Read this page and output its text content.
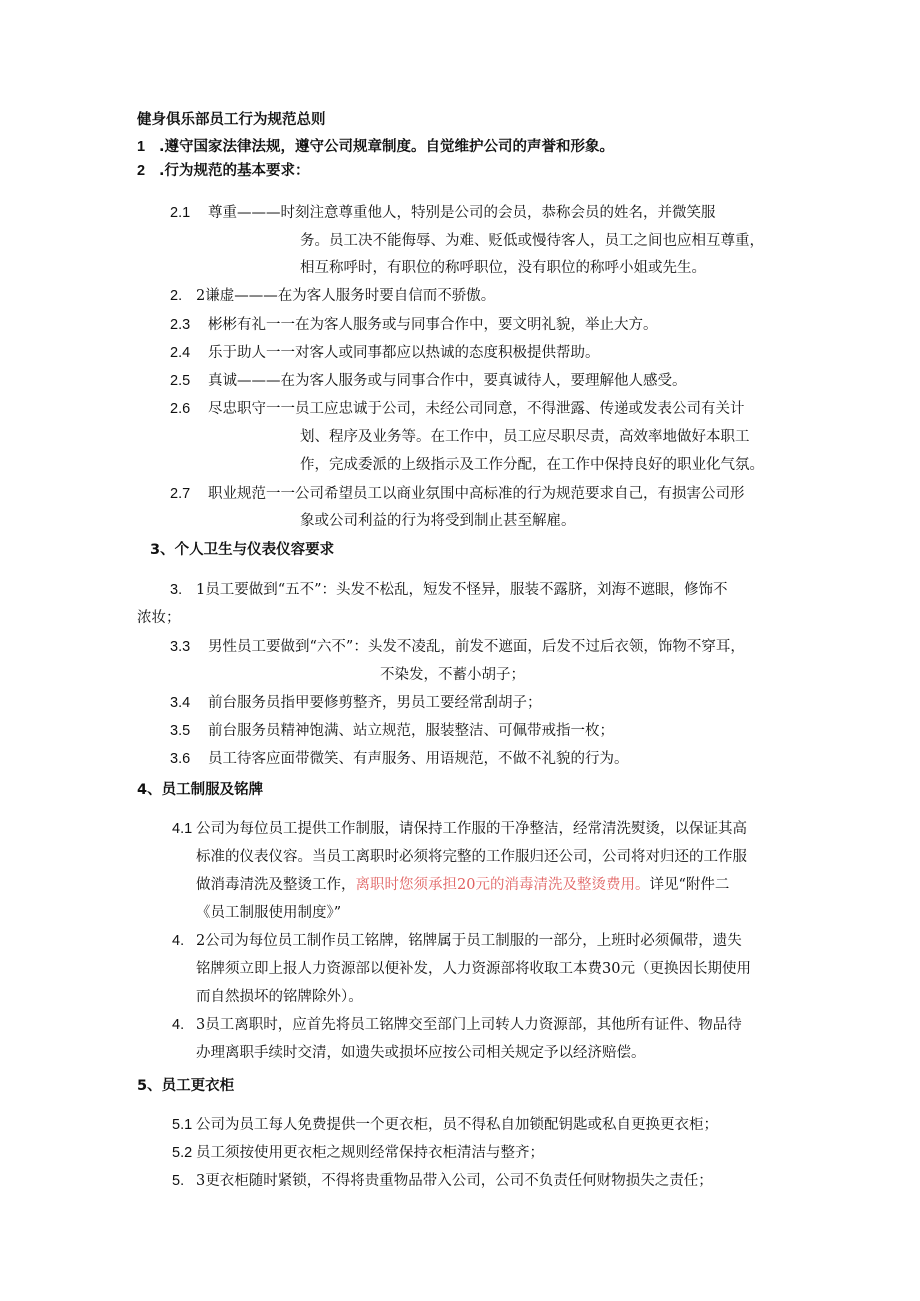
健身俱乐部员工行为规范总则
1 .遵守国家法律法规，遵守公司规章制度。自觉维护公司的声誉和形象。
2 .行为规范的基本要求：
2.1 尊重———时刻注意尊重他人，特别是公司的会员，恭称会员的姓名，并微笑服
务。员工决不能侮辱、为难、贬低或慢待客人，员工之间也应相互尊重，
相互称呼时，有职位的称呼职位，没有职位的称呼小姐或先生。
2. 2谦虚———在为客人服务时要自信而不骄傲。
2.3 彬彬有礼一一在为客人服务或与同事合作中，要文明礼貌，举止大方。
2.4 乐于助人一一对客人或同事都应以热诚的态度积极提供帮助。
2.5 真诚———在为客人服务或与同事合作中，要真诚待人，要理解他人感受。
2.6 尽忠职守一一员工应忠诚于公司，未经公司同意，不得泄露、传递或发表公司有关计
划、程序及业务等。在工作中，员工应尽职尽责，高效率地做好本职工
作，完成委派的上级指示及工作分配，在工作中保持良好的职业化气氛。
2.7 职业规范一一公司希望员工以商业氛围中高标准的行为规范要求自己，有损害公司形
象或公司利益的行为将受到制止甚至解雇。
3、个人卫生与仪表仪容要求
3. 1员工要做到“五不”：头发不松乱，短发不怪异，服装不露脐，刘海不遮眼，修饰不
浓妆；
3.3 男性员工要做到“六不”：头发不凌乱，前发不遮面，后发不过后衣领，饰物不穿耳，
不染发，不蓄小胡子；
3.4 前台服务员指甲要修剪整齐，男员工要经常刮胡子；
3.5 前台服务员精神饱满、站立规范，服装整洁、可佩带戒指一枚；
3.6 员工待客应面带微笑、有声服务、用语规范，不做不礼貌的行为。
4、员工制服及铭牌
4.1 公司为每位员工提供工作制服，请保持工作服的干净整洁，经常清洗熨烫，以保证其高
标准的仪表仪容。当员工离职时必须将完整的工作服归还公司，公司将对归还的工作服
做消毒清洗及整烫工作，离职时您须承担20元的消毒清洗及整烫费用。详见“附件二
《员工制服使用制度》”
4. 2公司为每位员工制作员工铭牌，铭牌属于员工制服的一部分，上班时必须佩带，遗失
铭牌须立即上报人力资源部以便补发，人力资源部将收取工本费30元（更换因长期使用
而自然损坏的铭牌除外）。
4. 3员工离职时，应首先将员工铭牌交至部门上司转人力资源部，其他所有证件、物品待
办理离职手续时交清，如遗失或损坏应按公司相关规定予以经济赔偿。
5、员工更衣柜
5.1 公司为员工每人免费提供一个更衣柜，员不得私自加锁配钥匙或私自更换更衣柜；
5.2 员工须按使用更衣柜之规则经常保持衣柜清洁与整齐；
5. 3更衣柜随时紧锁，不得将贵重物品带入公司，公司不负责任何财物损失之责任；
